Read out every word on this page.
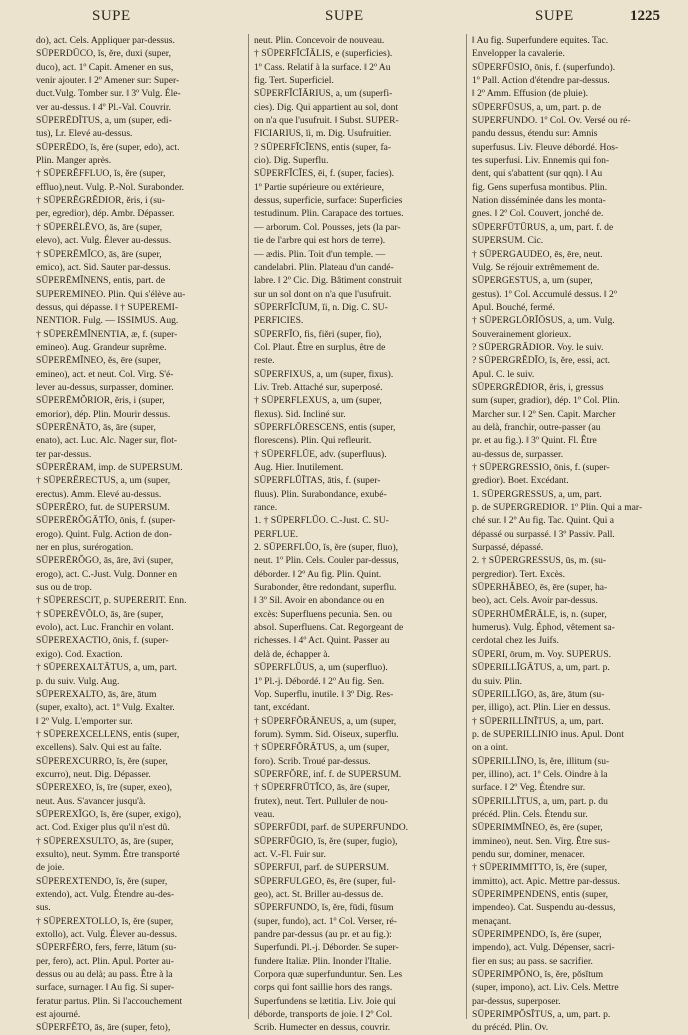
SUPE	SUPE	SUPE	1225
do), act. Cels. Appliquer par-dessus.
SŪPERDŪCO, ĭs, ĕre, duxi (super,
duco), act. 1º Capit. Amener en sus,
venir ajouter. ‖ 2º Amener sur: Super-
duct.Vulg. Tomber sur. ‖ 3º Vulg. Éle-
ver au-dessus. ‖ 4º Pl.-Val. Couvrir.
SŪPERĒDĬTUS, a, um (super, edi-
tus), Lr. Elevé au-dessus.
SŪPERĒDO, ĭs, ĕre (super, edo), act.
Plin. Manger après.
† SŪPERĔFFLUO, ĭs, ĕre (super,
effluo),neut. Vulg. P.-Nol. Surabonder.
† SŪPERĔGRĔDIOR, ĕris, i (su-
per, egredior), dép. Ambr. Dépasser.
† SŪPERĒLĔVO, ās, āre (super,
elevo), act. Vulg. Élever au-dessus.
† SŪPERĒMĬCO, ās, āre (super,
emico), act. Sid. Sauter par-dessus.
SŪPERĒMĬNENS, entis, part. de
SUPEREMINEO. Plin. Qui s'élève au-
dessus, qui dépasse. ‖ † SUPEREMI-
NENTIOR. Fulg. — ISSIMUS. Aug.
† SŪPERĒMĬNENTIA, æ, f. (super-
emineo). Aug. Grandeur suprême.
SŪPERĒMĬNEO, ĕs, ēre (super,
emineo), act. et neut. Col. Virg. S'é-
lever au-dessus, surpasser, dominer.
SŪPERĒMŎRIOR, ĕris, i (super,
emorior), dép. Plin. Mourir dessus.
SŪPERĒNĂTO, ās, āre (super,
enato), act. Luc. Alc. Nager sur, flot-
ter par-dessus.
SŪPERĔRAM, imp. de SUPERSUM.
† SŪPERĒRECTUS, a, um (super,
erectus). Amm. Elevé au-dessus.
SŪPERĔRO, fut. de SUPERSUM.
SŪPERĒRŎGĀTĬO, ōnis, f. (super-
erogo). Quint. Fulg. Action de don-
ner en plus, surérogation.
SŪPERĒRŎGO, ās, āre, āvi (super,
erogo), act. C.-Just. Vulg. Donner en
sus ou de trop.
† SŪPERESCIT, p. SUPERERIT. Enn.
† SŪPERĒVŎLO, ās, āre (super,
evolo), act. Luc. Franchir en volant.
SŪPEREXACTIO, ōnis, f. (super-
exigo). Cod. Exaction.
† SŪPEREXALTĀTUS, a, um, part.
p. du suiv. Vulg. Aug.
SŪPEREXALTO, ās, āre, ātum
(super, exalto), act. 1º Vulg. Exalter.
‖ 2º Vulg. L'emporter sur.
† SŪPEREXCELLENS, entis (super,
excellens). Salv. Qui est au faîte.
SŪPEREXCURRO, ĭs, ĕre (super,
excurro), neut. Dig. Dépasser.
SŪPEREXEO, ĭs, īre (super, exeo),
neut. Aus. S'avancer jusqu'à.
SŪPEREXĬGO, ĭs, ĕre (super, exigo),
act. Cod. Exiger plus qu'il n'est dû.
† SŪPEREXSULTO, ās, āre (super,
exsulto), neut. Symm. Être transporté
de joie.
SŪPEREXTENDO, ĭs, ĕre (super,
extendo), act. Vulg. Étendre au-des-
sus.
† SŪPEREXTOLLO, ĭs, ĕre (super,
extollo), act. Vulg. Élever au-dessus.
SŪPERFĔRO, fers, ferre, lātum (su-
per, fero), act. Plin. Apul. Porter au-
dessus ou au delà; au pass. Être à la
surface, surnager. ‖ Au fig. Si super-
feratur partus. Plin. Si l'accouchement
est ajourné.
SŪPERFĒTO, ās, āre (super, feto),
neut. Plin. Concevoir de nouveau.
† SŪPERFĬCĬĀLIS, e (superficies).
1º Cass. Relatif à la surface. ‖ 2º Au
fig. Tert. Superficiel.
SŪPERFĬCĬĀRIUS, a, um (superfi-
cies). Dig. Qui appartient au sol, dont
on n'a que l'usufruit. ‖ Subst. SUPER-
FICIARIUS, ĭi, m. Dig. Usufruitier.
? SŪPERFĬCĬENS, entis (super, fa-
cio). Dig. Superflu.
SŪPERFĬCĬES, ēi, f. (super, facies).
1º Partie supérieure ou extérieure,
dessus, superficie, surface: Superficies
testudinum. Plin. Carapace des tortues.
— arborum. Col. Pousses, jets (la par-
tie de l'arbre qui est hors de terre).
— ædis. Plin. Toit d'un temple. —
candelabri. Plin. Plateau d'un candé-
labre. ‖ 2º Cic. Dig. Bâtiment construit
sur un sol dont on n'a que l'usufruit.
SŪPERFĬCĬUM, ĭi, n. Dig. C. SU-
PERFICIES.
SŪPERFĬO, fis, fiĕri (super, fio),
Col. Plaut. Être en surplus, être de
reste.
SŪPERFIXUS, a, um (super, fixus).
Liv. Treb. Attaché sur, superposé.
† SŪPERFLEXUS, a, um (super,
flexus). Sid. Incliné sur.
SŪPERFLŌRESCENS, entis (super,
florescens). Plin. Qui refleurit.
† SŪPERFLŬE, adv. (superfluus).
Aug. Hier. Inutilement.
SŪPERFLŬĬTAS, ātis, f. (super-
fluus). Plin. Surabondance, exubé-
rance.
1. † SŪPERFLŬO. C.-Just. C. SU-
PERFLUE.
2. SŪPERFLŬO, ĭs, ĕre (super, fluo),
neut. 1º Plin. Cels. Couler par-dessus,
déborder. ‖ 2º Au fig. Plin. Quint.
Surabonder, être redondant, superflu.
‖ 3º Sil. Avoir en abondance ou en
excès: Superfluens pecunia. Sen. ou
absol. Superfluens. Cat. Regorgeant de
richesses. ‖ 4º Act. Quint. Passer au
delà de, échapper à.
SŪPERFLŬUS, a, um (superfluo).
1º Pl.-j. Débordé. ‖ 2º Au fig. Sen.
Vop. Superflu, inutile. ‖ 3º Dig. Res-
tant, excédant.
† SŪPERFŎRĀNEUS, a, um (super,
forum). Symm. Sid. Oiseux, superflu.
† SŪPERFŎRĀTUS, a, um (super,
foro). Scrib. Troué par-dessus.
SŪPERFŎRE, inf. f. de SUPERSUM.
† SŪPERFRŪTĬCO, ās, āre (super,
frutex), neut. Tert. Pulluler de nou-
veau.
SŪPERFŪDI, parf. de SUPERFUNDO.
SŪPERFŬGIO, ĭs, ĕre (super, fugio),
act. V.-Fl. Fuir sur.
SŪPERFUI, parf. de SUPERSUM.
SŪPERFULGEO, ēs, ēre (super, ful-
geo), act. St. Briller au-dessus de.
SŪPERFUNDO, ĭs, ĕre, fūdi, fūsum
(super, fundo), act. 1º Col. Verser, ré-
pandre par-dessus (au pr. et au fig.):
Superfundi. Pl.-j. Déborder. Se super-
fundere Italiæ. Plin. Inonder l'Italie.
Corpora quæ superfunduntur. Sen. Les
corps qui font saillie hors des rangs.
Superfundens se lætitia. Liv. Joie qui
déborde, transports de joie. ‖ 2º Col.
Scrib. Humecter en dessus, couvrir.
‖ Au fig. Superfundere equites. Tac.
Envelopper la cavalerie.
SŪPERFŪSIO, ōnis, f. (superfundo).
1º Pall. Action d'étendre par-dessus.
‖ 2º Amm. Effusion (de pluie).
SŪPERFŪSUS, a, um, part. p. de
SUPERFUNDO. 1º Col. Ov. Versé ou ré-
pandu dessus, étendu sur: Amnis
superfusus. Liv. Fleuve débordé. Hos-
tes superfusi. Liv. Ennemis qui fon-
dent, qui s'abattent (sur qqn). ‖ Au
fig. Gens superfusa montibus. Plin.
Nation disséminée dans les monta-
gnes. ‖ 2º Col. Couvert, jonché de.
SŪPERFŪTŪRUS, a, um, part. f. de
SUPERSUM. Cic.
† SŪPERGAUDEO, ēs, ēre, neut.
Vulg. Se réjouir extrêmement de.
SŪPERGESTUS, a, um (super,
gestus). 1º Col. Accumulé dessus. ‖ 2º
Apul. Bouché, fermé.
† SŪPERGLŌRĬŌSUS, a, um. Vulg.
Souverainement glorieux.
? SŪPERGRĂDIOR. Voy. le suiv.
? SŪPERGRĔDĬO, ĭs, ĕre, essi, act.
Apul. C. le suiv.
SŪPERGRĔDIOR, ĕris, i, gressus
sum (super, gradior), dép. 1º Col. Plin.
Marcher sur. ‖ 2º Sen. Capit. Marcher
au delà, franchir, outre-passer (au
pr. et au fig.). ‖ 3º Quint. Fl. Être
au-dessus de, surpasser.
† SŪPERGRESSIO, ōnis, f. (super-
gredior). Boet. Excédant.
1. SŪPERGRESSUS, a, um, part.
p. de SUPERGREDIOR. 1º Plin. Qui a mar-
ché sur. ‖ 2º Au fig. Tac. Quint. Qui a
dépassé ou surpassé. ‖ 3º Passiv. Pall.
Surpassé, dépassé.
2. † SŪPERGRESSUS, ūs, m. (su-
pergredior). Tert. Excès.
SŪPERHĂBEO, ēs, ēre (super, ha-
beo), act. Cels. Avoir par-dessus.
SŪPERHŬMĔRĀLE, is, n. (super,
humerus). Vulg. Éphod, vêtement sa-
cerdotal chez les Juifs.
SŪPERI, ōrum, m. Voy. SUPERUS.
SŪPERILLĬGĀTUS, a, um, part. p.
du suiv. Plin.
SŪPERILLĬGO, ās, āre, ātum (su-
per, illigo), act. Plin. Lier en dessus.
† SŪPERILLĬNĬTUS, a, um, part.
p. de SUPERILLINIO inus. Apul. Dont
on a oint.
SŪPERILLĬNO, ĭs, ĕre, illitum (su-
per, illino), act. 1º Cels. Oindre à la
surface. ‖ 2º Veg. Étendre sur.
SŪPERILLĬTUS, a, um, part. p. du
précéd. Plin. Cels. Étendu sur.
SŪPERIMMĬNEO, ēs, ēre (super,
immineo), neut. Sen. Virg. Être sus-
pendu sur, dominer, menacer.
† SŪPERIMMITTO, ĭs, ĕre (super,
immitto), act. Apic. Mettre par-dessus.
SŪPERIMPENDENS, entis (super,
impendeo). Cat. Suspendu au-dessus,
menaçant.
SŪPERIMPENDO, ĭs, ĕre (super,
impendo), act. Vulg. Dépenser, sacri-
fier en sus; au pass. se sacrifier.
SŪPERIMPŌNO, ĭs, ĕre, pŏsĭtum
(super, impono), act. Liv. Cels. Mettre
par-dessus, superposer.
SŪPERIMPŎSĬTUS, a, um, part. p.
du précéd. Plin. Ov.
